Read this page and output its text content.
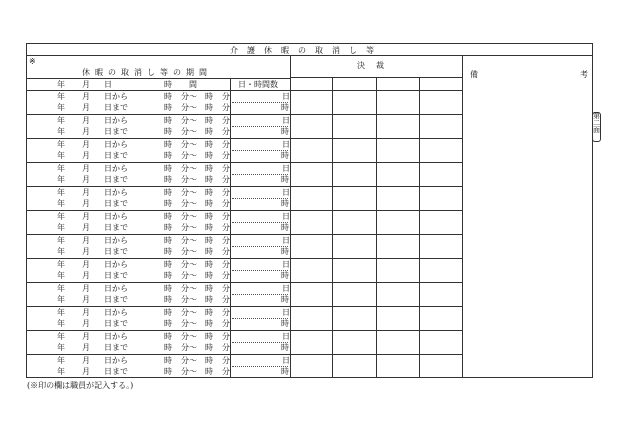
介護休暇の取消し等
※
休暇の取消し等の期間
決裁
備	考
年 月 日	時 間	日・時間数
年 月 日から	時 分〜 時 分	日
年 月 日まで	時 分〜 時 分	時
年 月 日から	時 分〜 時 分	日
年 月 日まで	時 分〜 時 分	時
年 月 日から	時 分〜 時 分	日
年 月 日まで	時 分〜 時 分	時
年 月 日から	時 分〜 時 分	日
年 月 日まで	時 分〜 時 分	時
年 月 日から	時 分〜 時 分	日
年 月 日まで	時 分〜 時 分	時
年 月 日から	時 分〜 時 分	日
年 月 日まで	時 分〜 時 分	時
年 月 日から	時 分〜 時 分	日
年 月 日まで	時 分〜 時 分	時
年 月 日から	時 分〜 時 分	日
年 月 日まで	時 分〜 時 分	時
年 月 日から	時 分〜 時 分	日
年 月 日まで	時 分〜 時 分	時
年 月 日から	時 分〜 時 分	日
年 月 日まで	時 分〜 時 分	時
年 月 日から	時 分〜 時 分	日
年 月 日まで	時 分〜 時 分	時
年 月 日から	時 分〜 時 分	日
年 月 日まで	時 分〜 時 分	時
(※印の欄は職員が記入する。)
第二面
